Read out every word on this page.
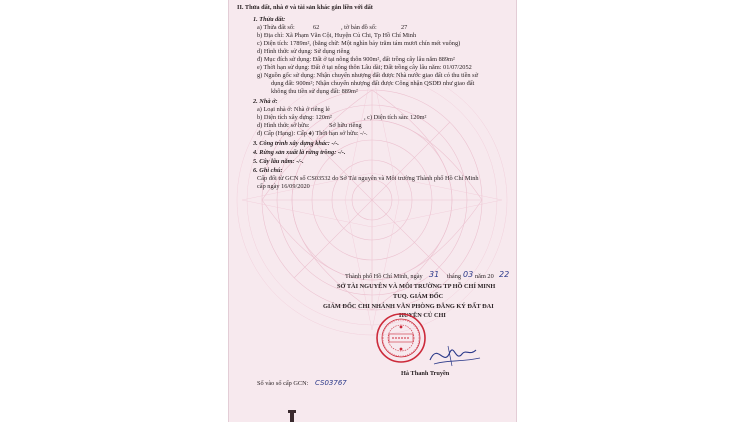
II. Thửa đất, nhà ở và tài sản khác gắn liền với đất
1. Thửa đất:
a) Thửa đất số:	62	, tờ bản đồ số:	27
b) Địa chỉ: Xã Phạm Văn Cội, Huyện Củ Chi, Tp Hồ Chí Minh
c) Diện tích: 1789m², (bằng chữ: Một nghìn bảy trăm tám mươi chín mét vuông)
d) Hình thức sử dụng: Sử dụng riêng
đ) Mục đích sử dụng: Đất ở tại nông thôn 900m², đất trồng cây lâu năm 889m²
e) Thời hạn sử dụng: Đất ở tại nông thôn Lâu dài; Đất trồng cây lâu năm: 01/07/2052
g) Nguồn gốc sử dụng: Nhận chuyển nhượng đất được Nhà nước giao đất có thu tiền sử
dụng đất: 900m²; Nhận chuyển nhượng đất được Công nhận QSDĐ như giao đất
không thu tiền sử dụng đất: 889m²
2. Nhà ở:
a) Loại nhà ở: Nhà ở riêng lẻ
b) Diện tích xây dựng: 120m²	, c) Diện tích sàn: 120m²
d) Hình thức sở hữu:	Sở hữu riêng
đ) Cấp (Hạng): Cấp 4
e) Thời hạn sở hữu: -/-.
3. Công trình xây dựng khác: -/-.
4. Rừng sản xuất là rừng trồng: -/-.
5. Cây lâu năm: -/-.
6. Ghi chú:
Cấp đổi từ GCN số CS03532 do Sở Tài nguyên và Môi trường Thành phố Hồ Chí Minh
cấp ngày 16/09/2020
Thành phố Hồ Chí Minh, ngày 31 tháng 03 năm 20 22
SỞ TÀI NGUYÊN VÀ MÔI TRƯỜNG TP HỒ CHÍ MINH
TUQ. GIÁM ĐỐC
GIÁM ĐỐC CHI NHÁNH VĂN PHÒNG ĐĂNG KÝ ĐẤT ĐAI
HUYỆN CỦ CHI
Hà Thanh Truyền
Số vào sổ cấp GCN: CS03767
